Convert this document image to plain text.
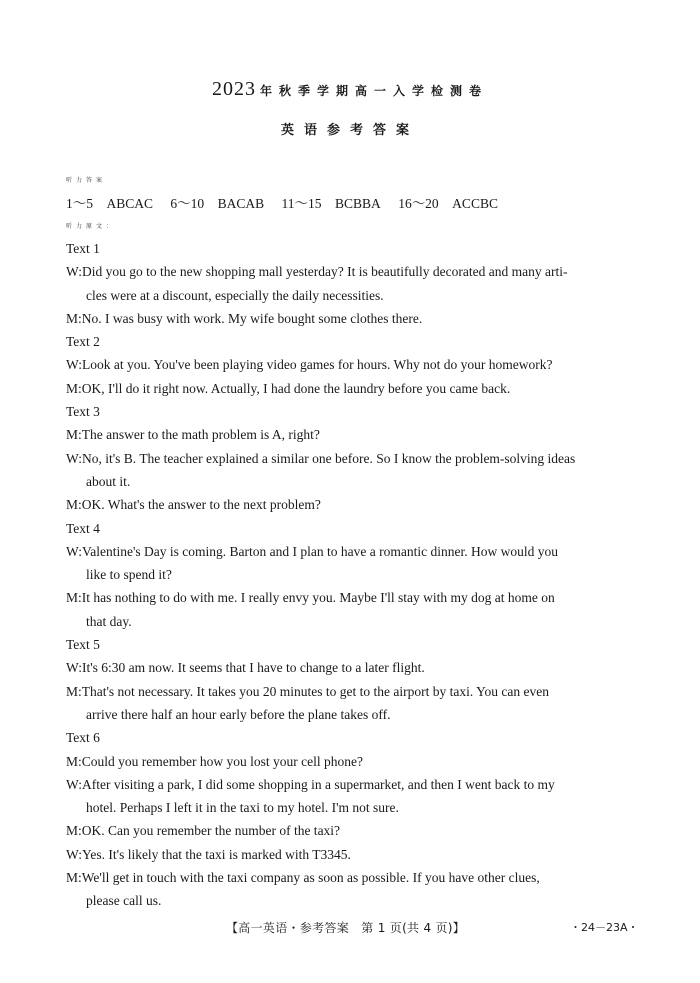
2023 年秋季学期高一入学检测卷
英语参考答案
听力答案
1～5　ABCAC 6～10　BACAB 11～15　BCBBA 16～20　ACCBC
听力原文：
Text 1
W:Did you go to the new shopping mall yesterday? It is beautifully decorated and many arti-
cles were at a discount, especially the daily necessities.
M:No. I was busy with work. My wife bought some clothes there.
Text 2
W:Look at you. You've been playing video games for hours. Why not do your homework?
M:OK, I'll do it right now. Actually, I had done the laundry before you came back.
Text 3
M:The answer to the math problem is A, right?
W:No, it's B. The teacher explained a similar one before. So I know the problem-solving ideas
about it.
M:OK. What's the answer to the next problem?
Text 4
W:Valentine's Day is coming. Barton and I plan to have a romantic dinner. How would you
like to spend it?
M:It has nothing to do with me. I really envy you. Maybe I'll stay with my dog at home on
that day.
Text 5
W:It's 6:30 am now. It seems that I have to change to a later flight.
M:That's not necessary. It takes you 20 minutes to get to the airport by taxi. You can even
arrive there half an hour early before the plane takes off.
Text 6
M:Could you remember how you lost your cell phone?
W:After visiting a park, I did some shopping in a supermarket, and then I went back to my
hotel. Perhaps I left it in the taxi to my hotel. I'm not sure.
M:OK. Can you remember the number of the taxi?
W:Yes. It's likely that the taxi is marked with T3345.
M:We'll get in touch with the taxi company as soon as possible. If you have other clues,
please call us.
【高一英语・参考答案　第 1 页(共 4 页)】	・24－23A・
